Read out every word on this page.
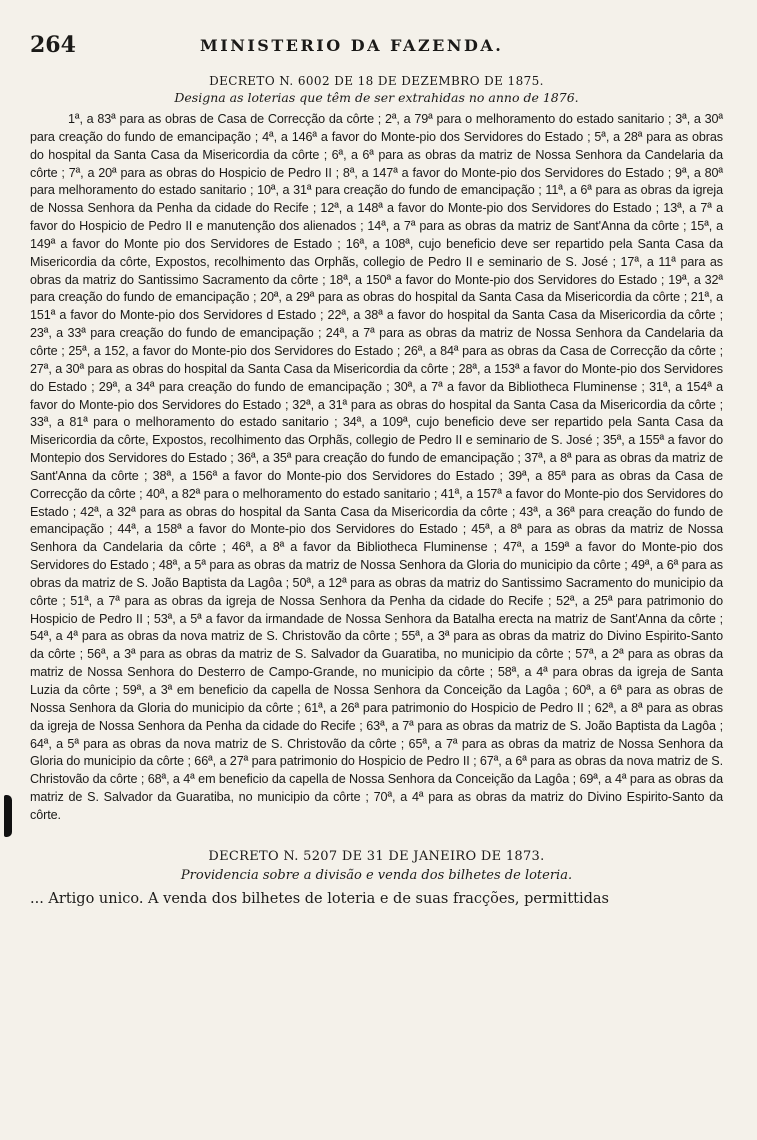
264	MINISTERIO DA FAZENDA.
DECRETO N. 6002 DE 18 DE DEZEMBRO DE 1875.
Designa as loterias que têm de ser extrahidas no anno de 1876.

1ª, a 83ª para as obras de Casa de Correcção da côrte ; 2ª, a 79ª para o melhoramento do estado sanitario ; 3ª, a 30ª para creação do fundo de emancipação ; 4ª, a 146ª a favor do Monte-pio dos Servidores do Estado ; 5ª, a 28ª para as obras do hospital da Santa Casa da Misericordia da côrte ; 6ª, a 6ª para as obras da matriz de Nossa Senhora da Candelaria da côrte ; 7ª, a 20ª para as obras do Hospicio de Pedro II ; 8ª, a 147ª a favor do Monte-pio dos Servidores do Estado ; 9ª, a 80ª para melhoramento do estado sanitario ; 10ª, a 31ª para creação do fundo de emancipação ; 11ª, a 6ª para as obras da igreja de Nossa Senhora da Penha da cidade do Recife ; 12ª, a 148ª a favor do Monte-pio dos Servidores do Estado ; 13ª, a 7ª a favor do Hospicio de Pedro II e manutenção dos alienados ; 14ª, a 7ª para as obras da matriz de Sant'Anna da côrte ; 15ª, a 149ª a favor do Monte pio dos Servidores de Estado ; 16ª, a 108ª, cujo beneficio deve ser repartido pela Santa Casa da Misericordia da côrte, Expostos, recolhimento das Orphãs, collegio de Pedro II e seminario de S. José ; 17ª, a 11ª para as obras da matriz do Santissimo Sacramento da côrte ; 18ª, a 150ª a favor do Monte-pio dos Servidores do Estado ; 19ª, a 32ª para creação do fundo de emancipação ; 20ª, a 29ª para as obras do hospital da Santa Casa da Misericordia da côrte ; 21ª, a 151ª a favor do Monte-pio dos Servidores d Estado ; 22ª, a 38ª a favor do hospital da Santa Casa da Misericordia da côrte ; 23ª, a 33ª para creação do fundo de emancipação ; 24ª, a 7ª para as obras da matriz de Nossa Senhora da Candelaria da côrte ; 25ª, a 152, a favor do Monte-pio dos Servidores do Estado ; 26ª, a 84ª para as obras da Casa de Correcção da côrte ; 27ª, a 30ª para as obras do hospital da Santa Casa da Misericordia da côrte ; 28ª, a 153ª a favor do Monte-pio dos Servidores do Estado ; 29ª, a 34ª para creação do fundo de emancipação ; 30ª, a 7ª a favor da Bibliotheca Fluminense ; 31ª, a 154ª a favor do Monte-pio dos Servidores do Estado ; 32ª, a 31ª para as obras do hospital da Santa Casa da Misericordia da côrte ; 33ª, a 81ª para o melhoramento do estado sanitario ; 34ª, a 109ª, cujo beneficio deve ser repartido pela Santa Casa da Misericordia da côrte, Expostos, recolhimento das Orphãs, collegio de Pedro II e seminario de S. José ; 35ª, a 155ª a favor do Montepio dos Servidores do Estado ; 36ª, a 35ª para creação do fundo de emancipação ; 37ª, a 8ª para as obras da matriz de Sant'Anna da côrte ; 38ª, a 156ª a favor do Monte-pio dos Servidores do Estado ; 39ª, a 85ª para as obras da Casa de Correcção da côrte ; 40ª, a 82ª para o melhoramento do estado sanitario ; 41ª, a 157ª a favor do Monte-pio dos Servidores do Estado ; 42ª, a 32ª para as obras do hospital da Santa Casa da Misericordia da côrte ; 43ª, a 36ª para creação do fundo de emancipação ; 44ª, a 158ª a favor do Monte-pio dos Servidores do Estado ; 45ª, a 8ª para as obras da matriz de Nossa Senhora da Candelaria da côrte ; 46ª, a 8ª a favor da Bibliotheca Fluminense ; 47ª, a 159ª a favor do Monte-pio dos Servidores do Estado ; 48ª, a 5ª para as obras da matriz de Nossa Senhora da Gloria do municipio da côrte ; 49ª, a 6ª para as obras da matriz de S. João Baptista da Lagôa ; 50ª, a 12ª para as obras da matriz do Santissimo Sacramento do municipio da côrte ; 51ª, a 7ª para as obras da igreja de Nossa Senhora da Penha da cidade do Recife ; 52ª, a 25ª para patrimonio do Hospicio de Pedro II ; 53ª, a 5ª a favor da irmandade de Nossa Senhora da Batalha erecta na matriz de Sant'Anna da côrte ; 54ª, a 4ª para as obras da nova matriz de S. Christovão da côrte ; 55ª, a 3ª para as obras da matriz do Divino Espirito-Santo da côrte ; 56ª, a 3ª para as obras da matriz de S. Salvador da Guaratiba, no municipio da côrte ; 57ª, a 2ª para as obras da matriz de Nossa Senhora do Desterro de Campo-Grande, no municipio da côrte ; 58ª, a 4ª para obras da igreja de Santa Luzia da côrte ; 59ª, a 3ª em beneficio da capella de Nossa Senhora da Conceição da Lagôa ; 60ª, a 6ª para as obras de Nossa Senhora da Gloria do municipio da côrte ; 61ª, a 26ª para patrimonio do Hospicio de Pedro II ; 62ª, a 8ª para as obras da igreja de Nossa Senhora da Penha da cidade do Recife ; 63ª, a 7ª para as obras da matriz de S. João Baptista da Lagôa ; 64ª, a 5ª para as obras da nova matriz de S. Christovão da côrte ; 65ª, a 7ª para as obras da matriz de Nossa Senhora da Gloria do municipio da côrte ; 66ª, a 27ª para patrimonio do Hospicio de Pedro II ; 67ª, a 6ª para as obras da nova matriz de S. Christovão da côrte ; 68ª, a 4ª em beneficio da capella de Nossa Senhora da Conceição da Lagôa ; 69ª, a 4ª para as obras da matriz de S. Salvador da Guaratiba, no municipio da côrte ; 70ª, a 4ª para as obras da matriz do Divino Espirito-Santo da côrte.

DECRETO N. 5207 DE 31 DE JANEIRO DE 1873.
Providencia sobre a divisão e venda dos bilhetes de loteria.

... Artigo unico. A venda dos bilhetes de loteria e de suas fracções, permittidas
